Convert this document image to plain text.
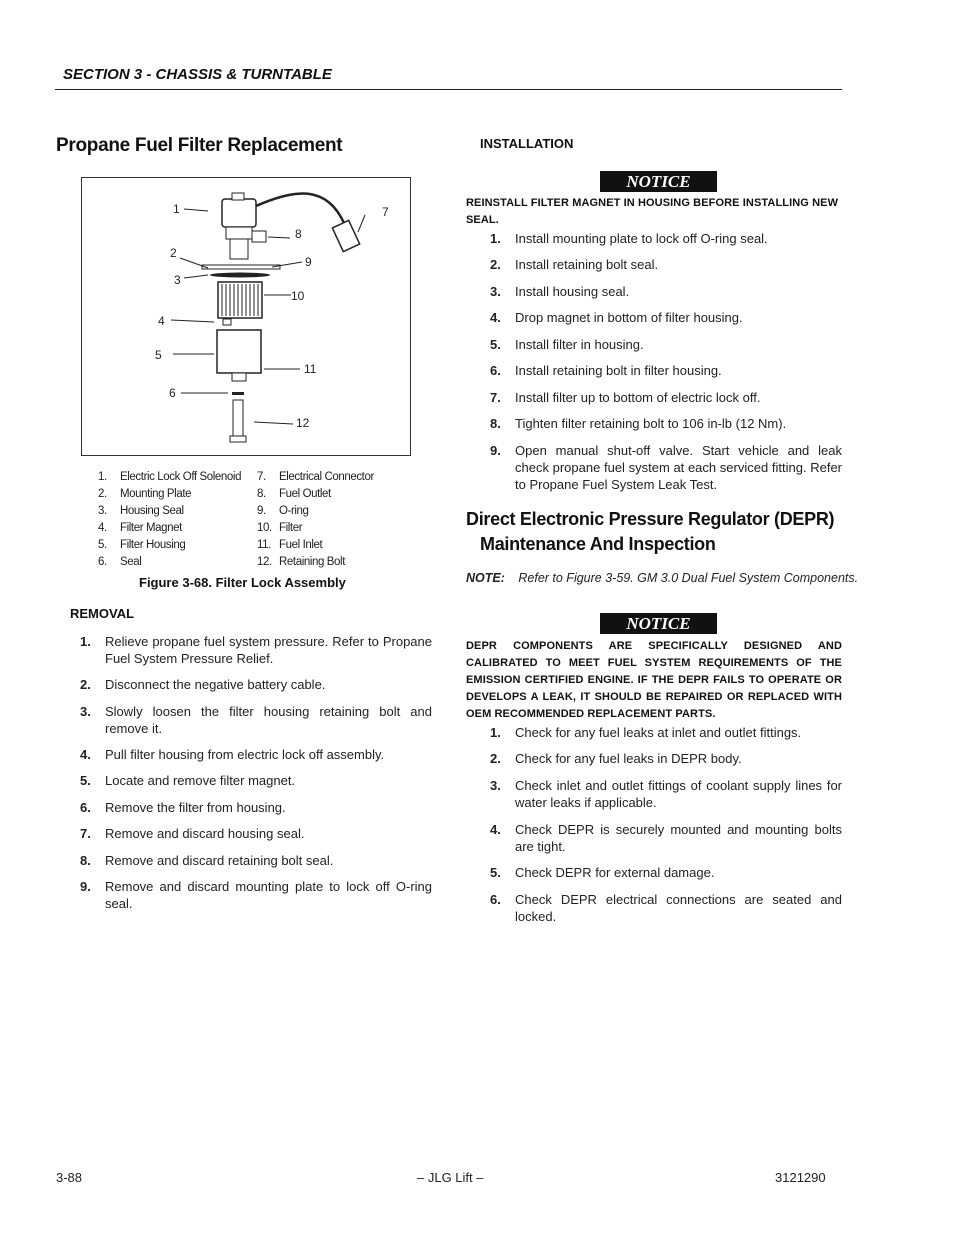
SECTION 3 - CHASSIS & TURNTABLE
Propane Fuel Filter Replacement
1
2
3
4
5
6
7
8
9
10
11
12
1.	Electric Lock Off Solenoid	7.	Electrical Connector
2.	Mounting Plate	8.	Fuel Outlet
3.	Housing Seal	9.	O-ring
4.	Filter Magnet	10.	Filter
5.	Filter Housing	11.	Fuel Inlet
6.	Seal	12.	Retaining Bolt
Figure 3-68. Filter Lock Assembly
REMOVAL
1. Relieve propane fuel system pressure. Refer to Propane Fuel System Pressure Relief.
2. Disconnect the negative battery cable.
3. Slowly loosen the filter housing retaining bolt and remove it.
4. Pull filter housing from electric lock off assembly.
5. Locate and remove filter magnet.
6. Remove the filter from housing.
7. Remove and discard housing seal.
8. Remove and discard retaining bolt seal.
9. Remove and discard mounting plate to lock off O-ring seal.
INSTALLATION
NOTICE
REINSTALL FILTER MAGNET IN HOUSING BEFORE INSTALLING NEW SEAL.
1. Install mounting plate to lock off O-ring seal.
2. Install retaining bolt seal.
3. Install housing seal.
4. Drop magnet in bottom of filter housing.
5. Install filter in housing.
6. Install retaining bolt in filter housing.
7. Install filter up to bottom of electric lock off.
8. Tighten filter retaining bolt to 106 in-lb (12 Nm).
9. Open manual shut-off valve. Start vehicle and leak check propane fuel system at each serviced fitting. Refer to Propane Fuel System Leak Test.
Direct Electronic Pressure Regulator (DEPR)
Maintenance And Inspection
NOTE: Refer to Figure 3-59. GM 3.0 Dual Fuel System Components.
NOTICE
DEPR COMPONENTS ARE SPECIFICALLY DESIGNED AND CALIBRATED TO MEET FUEL SYSTEM REQUIREMENTS OF THE EMISSION CERTIFIED ENGINE. IF THE DEPR FAILS TO OPERATE OR DEVELOPS A LEAK, IT SHOULD BE REPAIRED OR REPLACED WITH OEM RECOMMENDED REPLACEMENT PARTS.
1. Check for any fuel leaks at inlet and outlet fittings.
2. Check for any fuel leaks in DEPR body.
3. Check inlet and outlet fittings of coolant supply lines for water leaks if applicable.
4. Check DEPR is securely mounted and mounting bolts are tight.
5. Check DEPR for external damage.
6. Check DEPR electrical connections are seated and locked.
3-88	– JLG Lift –	3121290
